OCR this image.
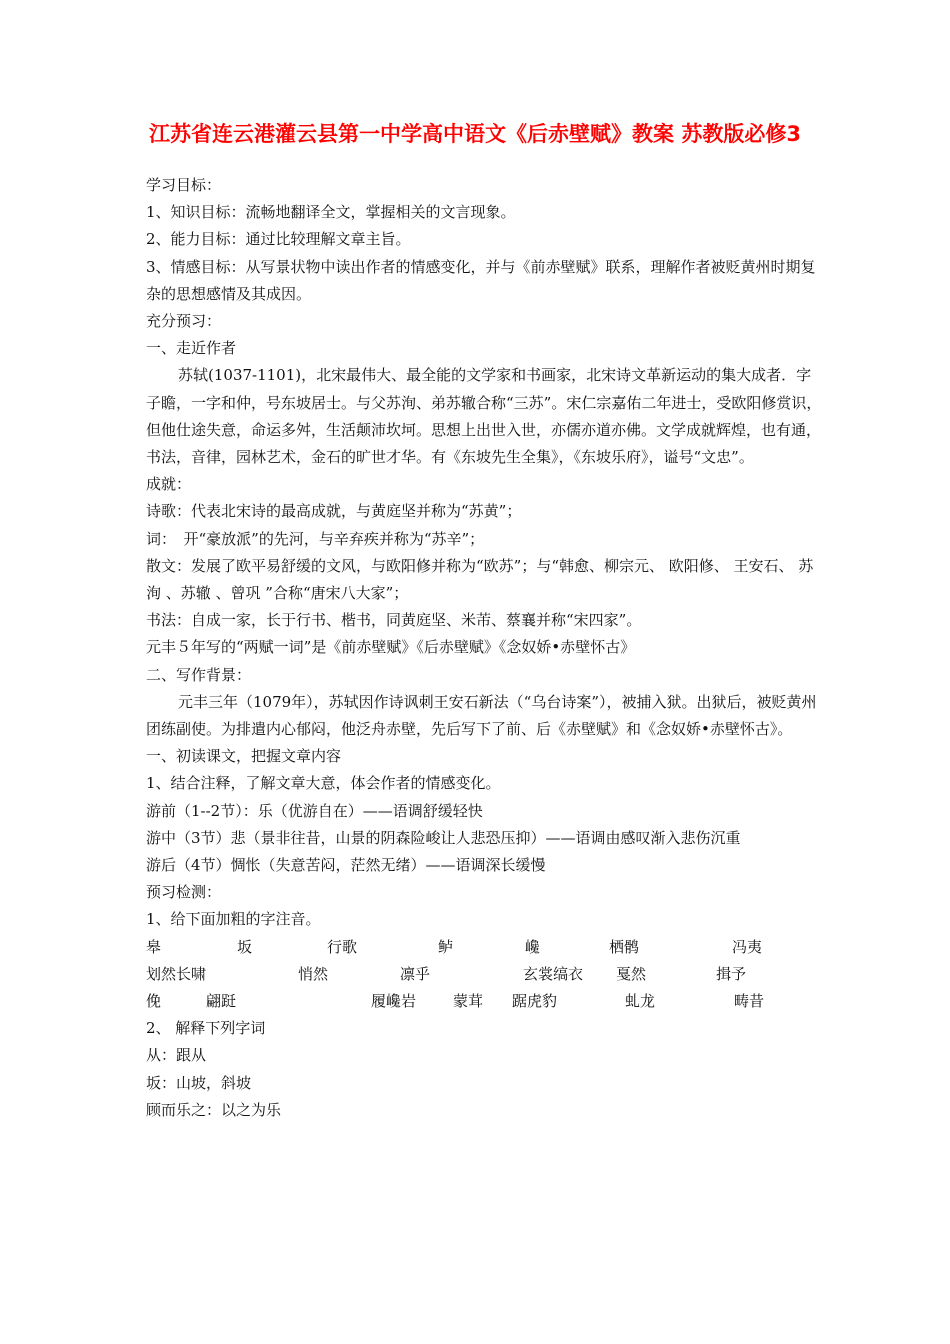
江苏省连云港灌云县第一中学高中语文《后赤壁赋》教案 苏教版必修3

学习目标：

1、知识目标：流畅地翻译全文，掌握相关的文言现象。

2、能力目标：通过比较理解文章主旨。

3、情感目标：从写景状物中读出作者的情感变化，并与《前赤壁赋》联系，理解作者被贬黄州时期复杂的思想感情及其成因。

充分预习：

一、走近作者

苏轼(1037-1101)，北宋最伟大、最全能的文学家和书画家，北宋诗文革新运动的集大成者．字子瞻，一字和仲，号东坡居士。与父苏洵、弟苏辙合称“三苏”。宋仁宗嘉佑二年进士，受欧阳修赏识，但他仕途失意，命运多舛，生活颠沛坎坷。思想上出世入世，亦儒亦道亦佛。文学成就辉煌，也有通，书法，音律，园林艺术，金石的旷世才华。有《东坡先生全集》，《东坡乐府》，谥号“文忠”。

成就：

诗歌：代表北宋诗的最高成就，与黄庭坚并称为“苏黄”；

词：　开“豪放派”的先河，与辛弃疾并称为“苏辛”；

散文：发展了欧平易舒缓的文风，与欧阳修并称为“欧苏”；与“韩愈、柳宗元、 欧阳修、 王安石、 苏洵 、苏辙 、曾巩 ”合称“唐宋八大家”；

书法：自成一家，长于行书、楷书，同黄庭坚、米芾、蔡襄并称“宋四家”。

元丰５年写的“两赋一词”是《前赤壁赋》《后赤壁赋》《念奴娇•赤壁怀古》

二、写作背景：

元丰三年（1079年），苏轼因作诗讽刺王安石新法（“乌台诗案”），被捕入狱。出狱后，被贬黄州团练副使。为排遣内心郁闷，他泛舟赤壁，先后写下了前、后《赤壁赋》和《念奴娇•赤壁怀古》。

一、初读课文，把握文章内容

1、结合注释，了解文章大意，体会作者的情感变化。

游前（1--2节）：乐（优游自在）——语调舒缓轻快

游中（3节）悲（景非往昔，山景的阴森险峻让人悲恐压抑）——语调由感叹渐入悲伤沉重

游后（4节）惆怅（失意苦闷，茫然无绪）——语调深长缓慢

预习检测：

1、给下面加粗的字注音。

皋	坂	行歌	鲈	巉	栖鹘	冯夷
划然长啸	悄然	凛乎	玄裳缟衣	戛然	揖予
俛	翩跹	履巉岩	蒙茸	踞虎豹	虬龙	畴昔

2、 解释下列字词

从：跟从

坂：山坡，斜坡

顾而乐之：以之为乐
